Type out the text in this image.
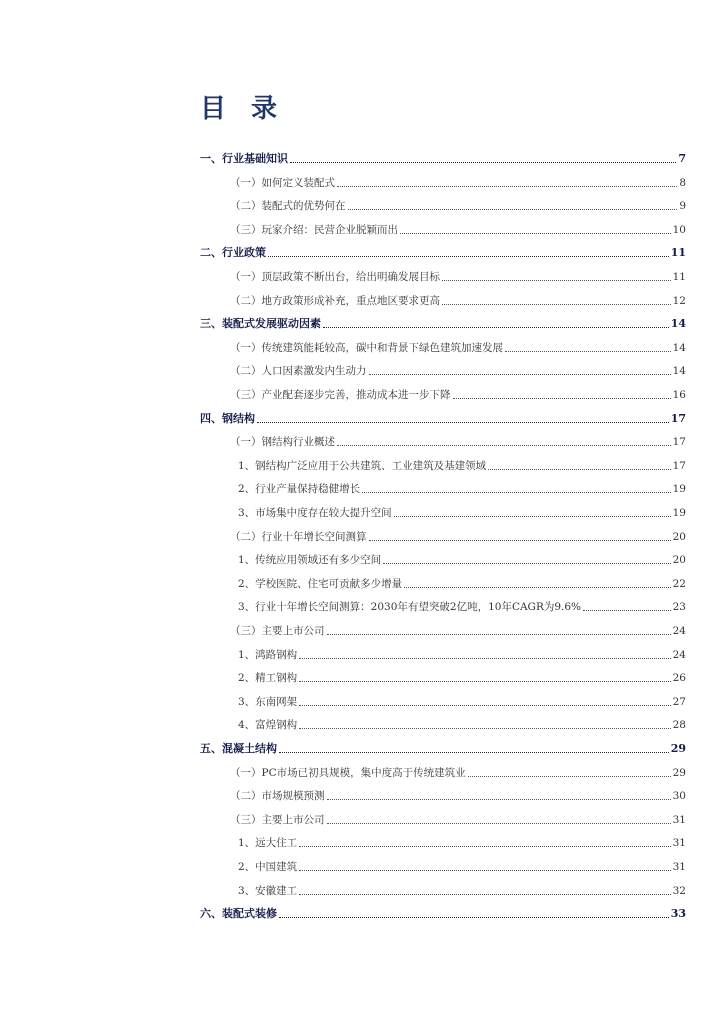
目 录
一、行业基础知识	7
（一）如何定义装配式	8
（二）装配式的优势何在	9
（三）玩家介绍：民营企业脱颖而出	10
二、行业政策	11
（一）顶层政策不断出台，给出明确发展目标	11
（二）地方政策形成补充，重点地区要求更高	12
三、装配式发展驱动因素	14
（一）传统建筑能耗较高，碳中和背景下绿色建筑加速发展	14
（二）人口因素激发内生动力	14
（三）产业配套逐步完善，推动成本进一步下降	16
四、钢结构	17
（一）钢结构行业概述	17
1、钢结构广泛应用于公共建筑、工业建筑及基建领域	17
2、行业产量保持稳健增长	19
3、市场集中度存在较大提升空间	19
（二）行业十年增长空间测算	20
1、传统应用领域还有多少空间	20
2、学校医院、住宅可贡献多少增量	22
3、行业十年增长空间测算：2030年有望突破2亿吨，10年CAGR为9.6%	23
（三）主要上市公司	24
1、鸿路钢构	24
2、精工钢构	26
3、东南网架	27
4、富煌钢构	28
五、混凝土结构	29
（一）PC市场已初具规模，集中度高于传统建筑业	29
（二）市场规模预测	30
（三）主要上市公司	31
1、远大住工	31
2、中国建筑	31
3、安徽建工	32
六、装配式装修	33
